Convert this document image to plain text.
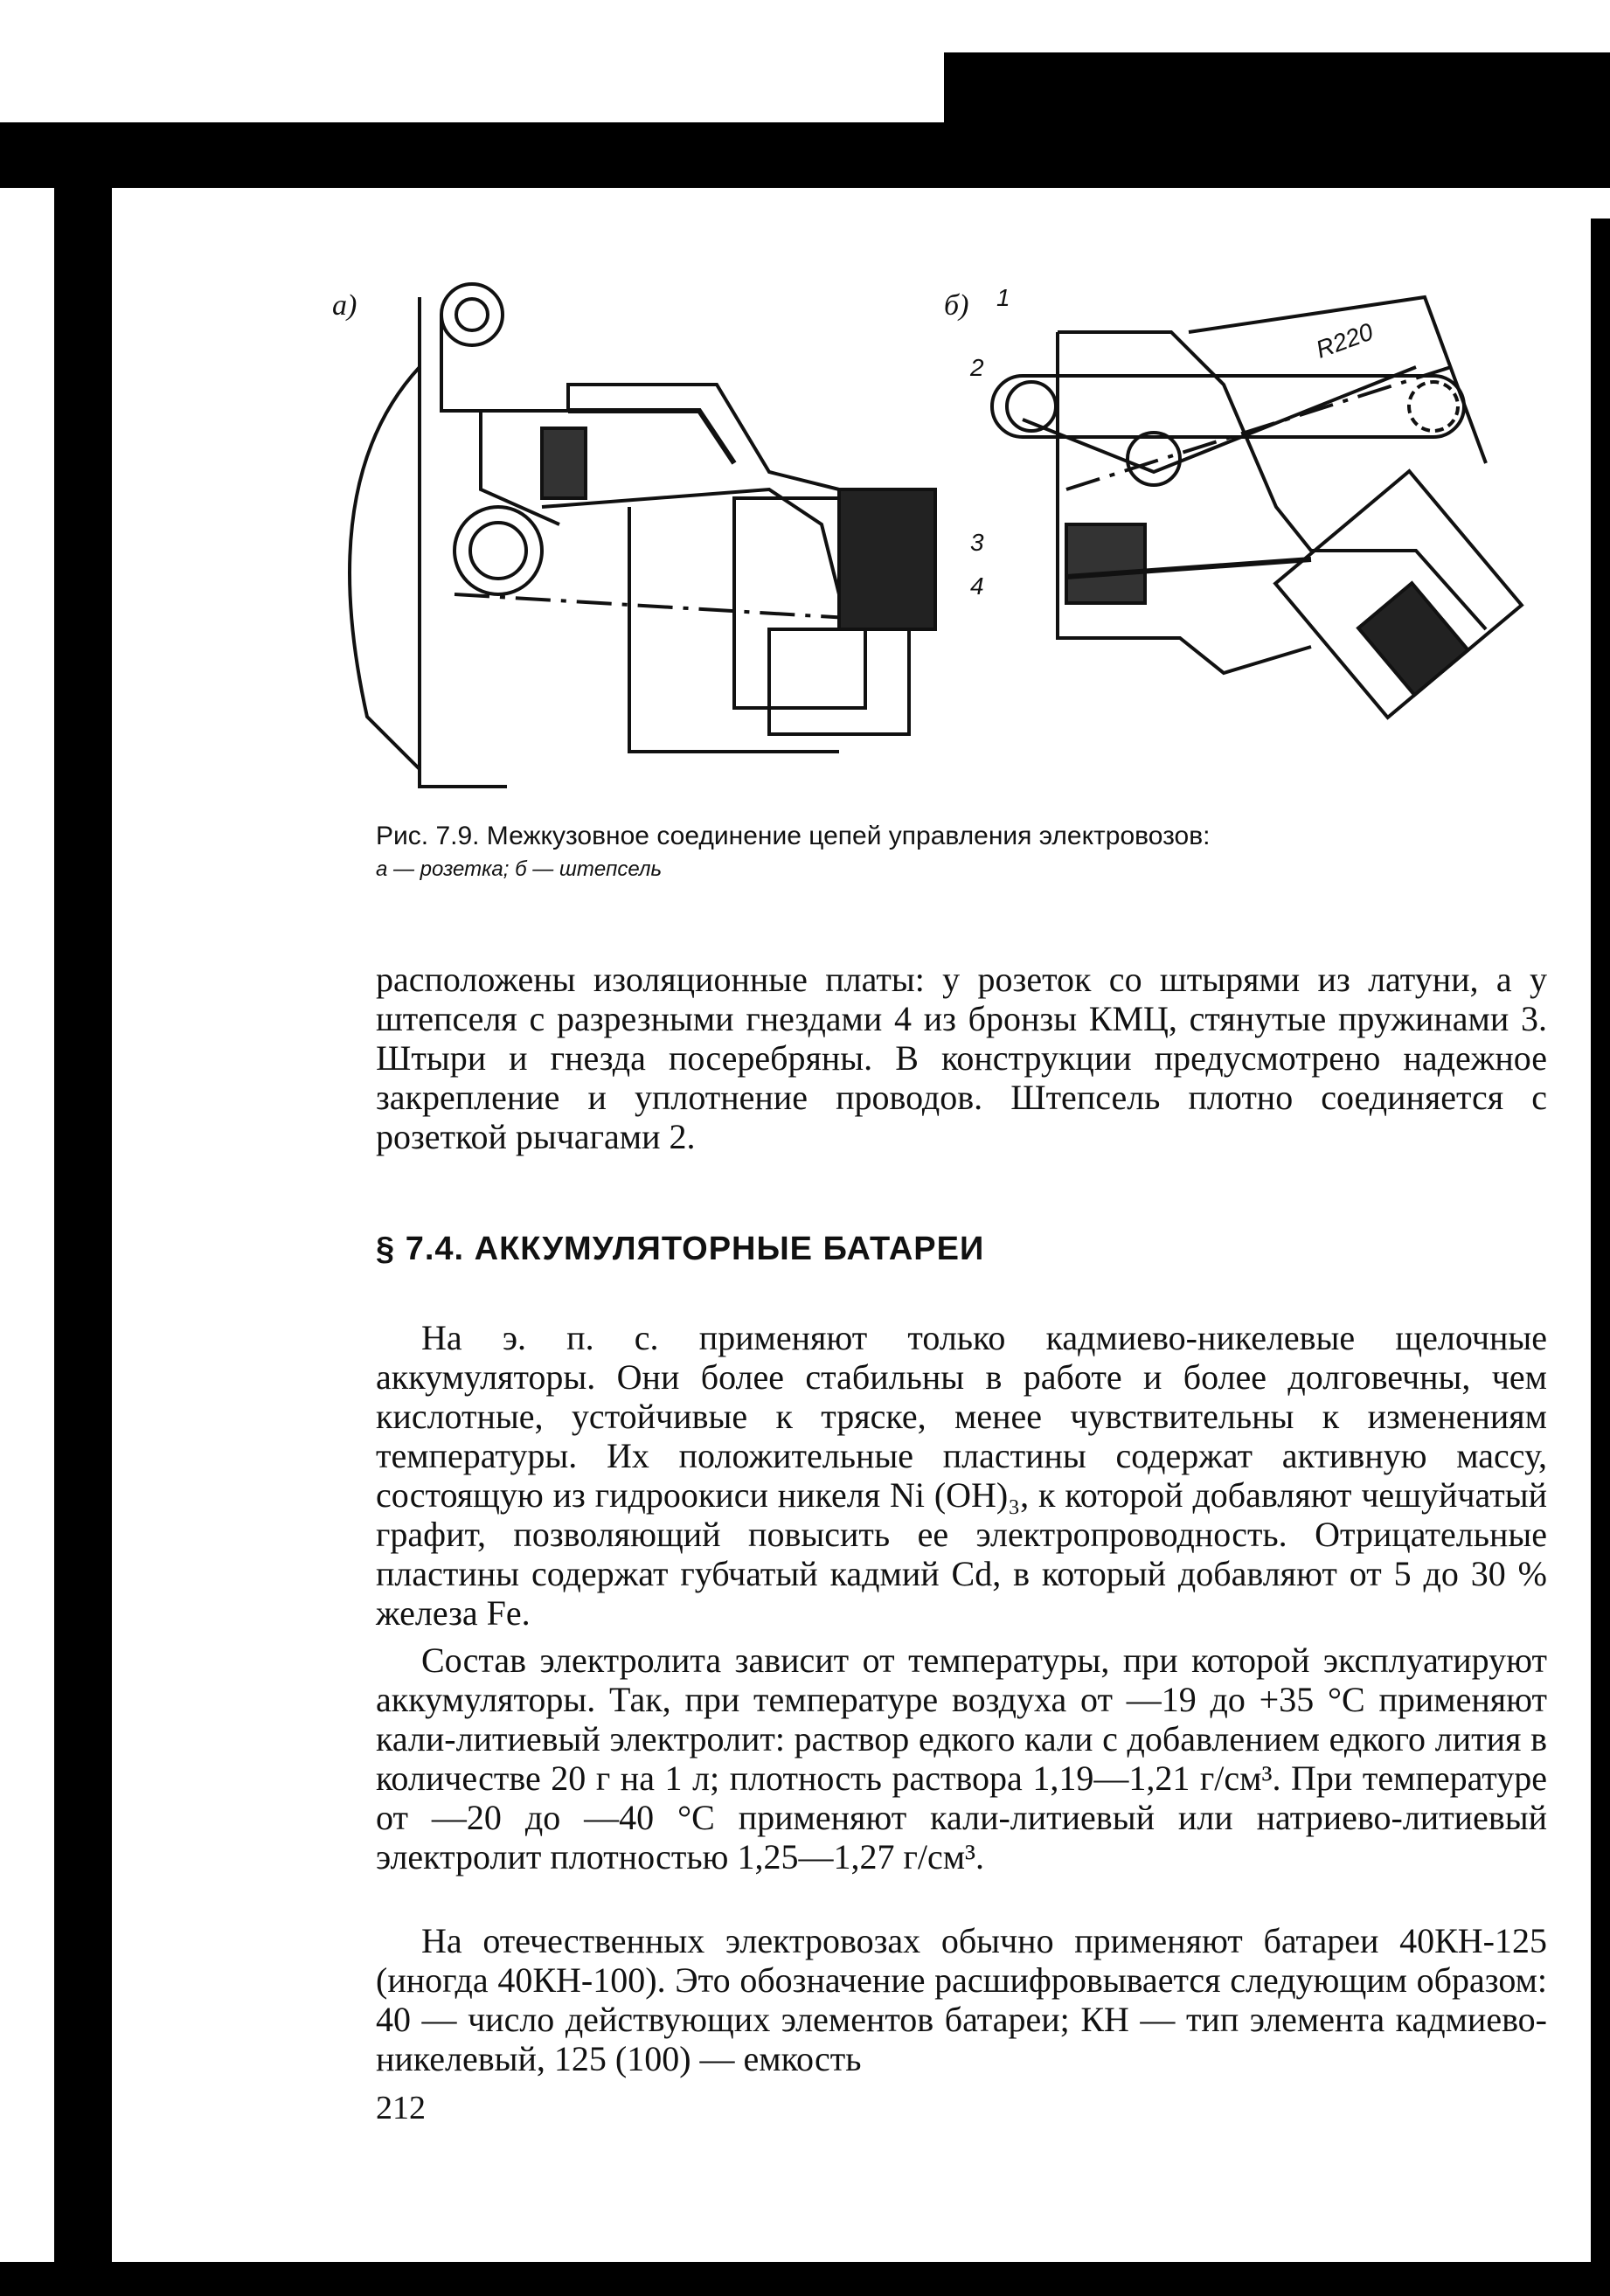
а)	б) 1
2
3
4
R220
Рис. 7.9. Межкузовное соединение цепей управления электровозов:
а — розетка; б — штепсель
расположены изоляционные платы: у розеток со штырями из латуни, а у штепселя с разрезными гнездами 4 из бронзы КМЦ, стянутые пружинами 3. Штыри и гнезда посеребряны. В конструкции предусмотрено надежное закрепление и уплотнение проводов. Штепсель плотно соединяется с розеткой рычагами 2.
§ 7.4. АККУМУЛЯТОРНЫЕ БАТАРЕИ
На э. п. с. применяют только кадмиево-никелевые щелочные аккумуляторы. Они более стабильны в работе и более долговечны, чем кислотные, устойчивые к тряске, менее чувствительны к изменениям температуры. Их положительные пластины содержат активную массу, состоящую из гидроокиси никеля Ni (OH)₃, к которой добавляют чешуйчатый графит, позволяющий повысить ее электропроводность. Отрицательные пластины содержат губчатый кадмий Cd, в который добавляют от 5 до 30 % железа Fe.
Состав электролита зависит от температуры, при которой эксплуатируют аккумуляторы. Так, при температуре воздуха от —19 до +35 °С применяют кали-литиевый электролит: раствор едкого кали с добавлением едкого лития в количестве 20 г на 1 л; плотность раствора 1,19—1,21 г/см³. При температуре от —20 до —40 °С применяют кали-литиевый или натриево-литиевый электролит плотностью 1,25—1,27 г/см³.
На отечественных электровозах обычно применяют батареи 40КН-125 (иногда 40КН-100). Это обозначение расшифровывается следующим образом: 40 — число действующих элементов батареи; КН — тип элемента кадмиево-никелевый, 125 (100) — емкость
212
